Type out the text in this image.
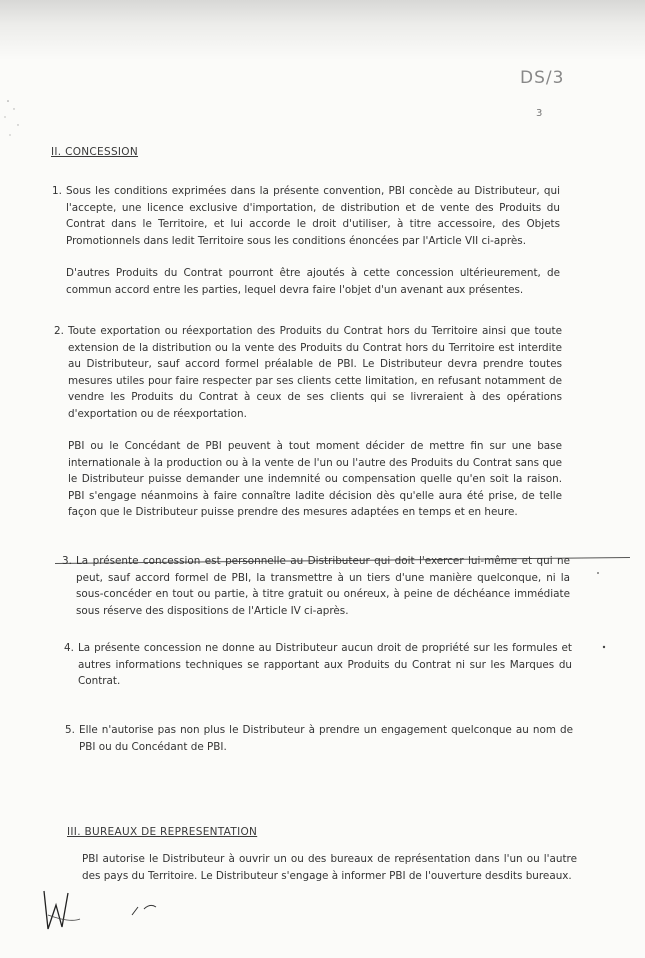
DS/3
3
II. CONCESSION
1. Sous les conditions exprimées dans la présente convention, PBI concède au Distributeur, qui l'accepte, une licence exclusive d'importation, de distribution et de vente des Produits du Contrat dans le Territoire, et lui accorde le droit d'utiliser, à titre accessoire, des Objets Promotionnels dans ledit Territoire sous les conditions énoncées par l'Article VII ci-après.

D'autres Produits du Contrat pourront être ajoutés à cette concession ultérieurement, de commun accord entre les parties, lequel devra faire l'objet d'un avenant aux présentes.

2. Toute exportation ou réexportation des Produits du Contrat hors du Territoire ainsi que toute extension de la distribution ou la vente des Produits du Contrat hors du Territoire est interdite au Distributeur, sauf accord formel préalable de PBI. Le Distributeur devra prendre toutes mesures utiles pour faire respecter par ses clients cette limitation, en refusant notamment de vendre les Produits du Contrat à ceux de ses clients qui se livreraient à des opérations d'exportation ou de réexportation.

PBI ou le Concédant de PBI peuvent à tout moment décider de mettre fin sur une base internationale à la production ou à la vente de l'un ou l'autre des Produits du Contrat sans que le Distributeur puisse demander une indemnité ou compensation quelle qu'en soit la raison. PBI s'engage néanmoins à faire connaître ladite décision dès qu'elle aura été prise, de telle façon que le Distributeur puisse prendre des mesures adaptées en temps et en heure.

3. La présente concession est personnelle au Distributeur qui doit l'exercer lui-même et qui ne peut, sauf accord formel de PBI, la transmettre à un tiers d'une manière quelconque, ni la sous-concéder en tout ou partie, à titre gratuit ou onéreux, à peine de déchéance immédiate sous réserve des dispositions de l'Article IV ci-après.

4. La présente concession ne donne au Distributeur aucun droit de propriété sur les formules et autres informations techniques se rapportant aux Produits du Contrat ni sur les Marques du Contrat.

5. Elle n'autorise pas non plus le Distributeur à prendre un engagement quelconque au nom de PBI ou du Concédant de PBI.

III. BUREAUX DE REPRESENTATION

PBI autorise le Distributeur à ouvrir un ou des bureaux de représentation dans l'un ou l'autre des pays du Territoire. Le Distributeur s'engage à informer PBI de l'ouverture desdits bureaux.
